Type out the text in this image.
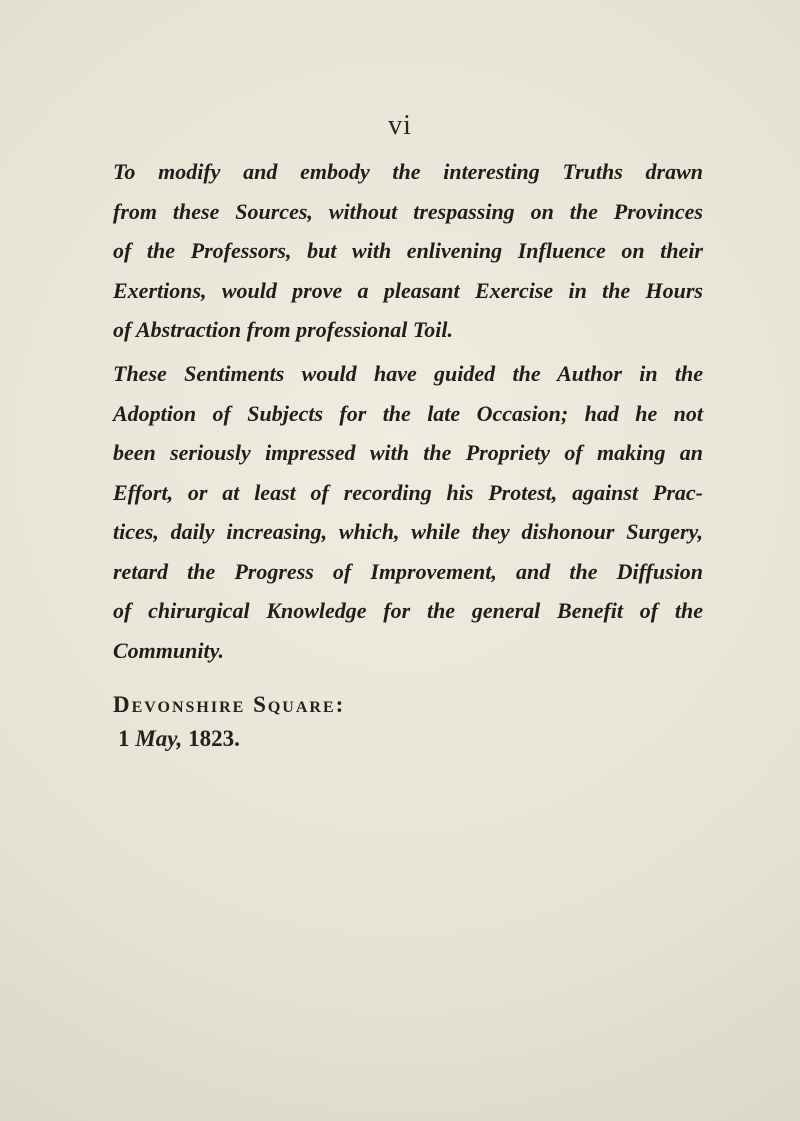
vi
To modify and embody the interesting Truths drawn
from these Sources, without trespassing on the Provinces
of the Professors, but with enlivening Influence on their
Exertions, would prove a pleasant Exercise in the Hours
of Abstraction from professional Toil.
These Sentiments would have guided the Author in the
Adoption of Subjects for the late Occasion; had he not
been seriously impressed with the Propriety of making an
Effort, or at least of recording his Protest, against Prac-
tices, daily increasing, which, while they dishonour Surgery,
retard the Progress of Improvement, and the Diffusion
of chirurgical Knowledge for the general Benefit of the
Community.
Devonshire Square:
1 May, 1823.
